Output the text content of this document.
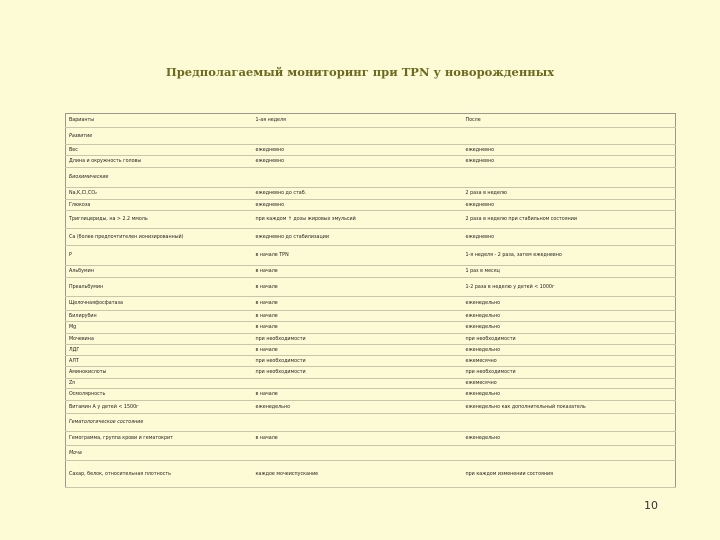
Предполагаемый мониторинг при TPN у новорожденных
Варианты	1-ая неделя	После
Развитие		
Вес	ежедневно	ежедневно
Длина и окружность головы	ежедневно	ежедневно
Биохимические		
Na,K,Cl,CO₂	ежедневно до стаб.	2 раза в неделю
Глюкоза	ежедневно	ежедневно
Триглицериды, на > 2.2 ммоль	при каждом ↑ дозы жировых эмульсий	2 раза в неделю при стабильном состоянии
Ca (более предпочтителен ионизированный)	ежедневно до стабилизации	ежедневно
P	в начале TPN	1-я неделя - 2 раза, затем ежедневно
Альбумин	в начале	1 раз в месяц
Преальбумин	в начале	1-2 раза в неделю у детей < 1000г
Щелочнаяфосфатаза	в начале	еженедельно
Билирубин	в начале	еженедельно
Mg	в начале	еженедельно
Мочевина	при необходимости	при необходимости
ЛДГ	в начале	еженедельно
АЛТ	при необходимости	ежемесячно
Аминокислоты	при необходимости	при необходимости
Zn		ежемесячно
Осмолярность	в начале	еженедельно
Витамин A у детей < 1500г	еженедельно	еженедельно как дополнительный показатель
Гематологическое состояние		
Гемограмма, группа крови и гематокрит	в начале	еженедельно
Моча		
Сахар, белок, относительная плотность	каждое мочеиспускание	при каждом изменении состояния
10
